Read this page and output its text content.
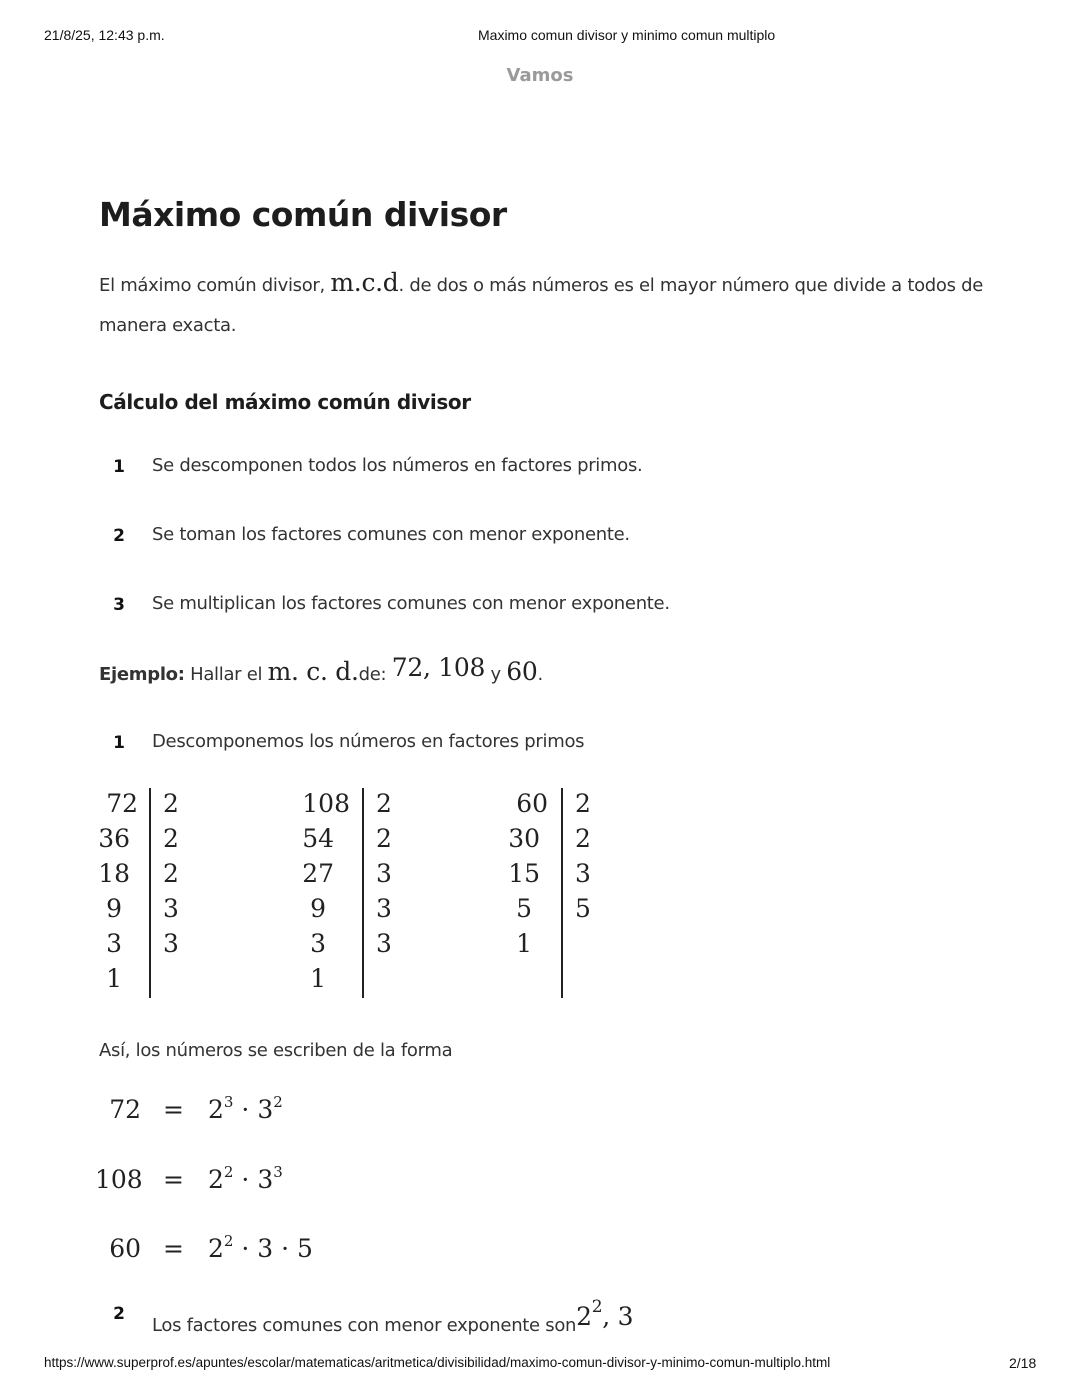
21/8/25, 12:43 p.m.	Maximo comun divisor y minimo comun multiplo
Vamos
Máximo común divisor
El máximo común divisor, m.c.d. de dos o más números es el mayor número que divide a todos de
manera exacta.
Cálculo del máximo común divisor
1 Se descomponen todos los números en factores primos.
2 Se toman los factores comunes con menor exponente.
3 Se multiplican los factores comunes con menor exponente.
Ejemplo: Hallar el m. c. d.de: 72, 108 y 60.
1 Descomponemos los números en factores primos
72
36
18
9
3
1
2
2
2
3
3
108
54
27
9
3
1
2
2
3
3
3
60
30
15
5
1
2
2
3
5
Así, los números se escriben de la forma
$72 = 2^3 \cdot 3^2$
$108 = 2^2 \cdot 3^3$
$60 = 2^2 \cdot 3 \cdot 5$
2
Los factores comunes con menor exponente $son2^2$, 3
https://www.superprof.es/apuntes/escolar/matematicas/aritmetica/divisibilidad/maximo-comun-divisor-y-minimo-comun-multiplo.html	2/18
